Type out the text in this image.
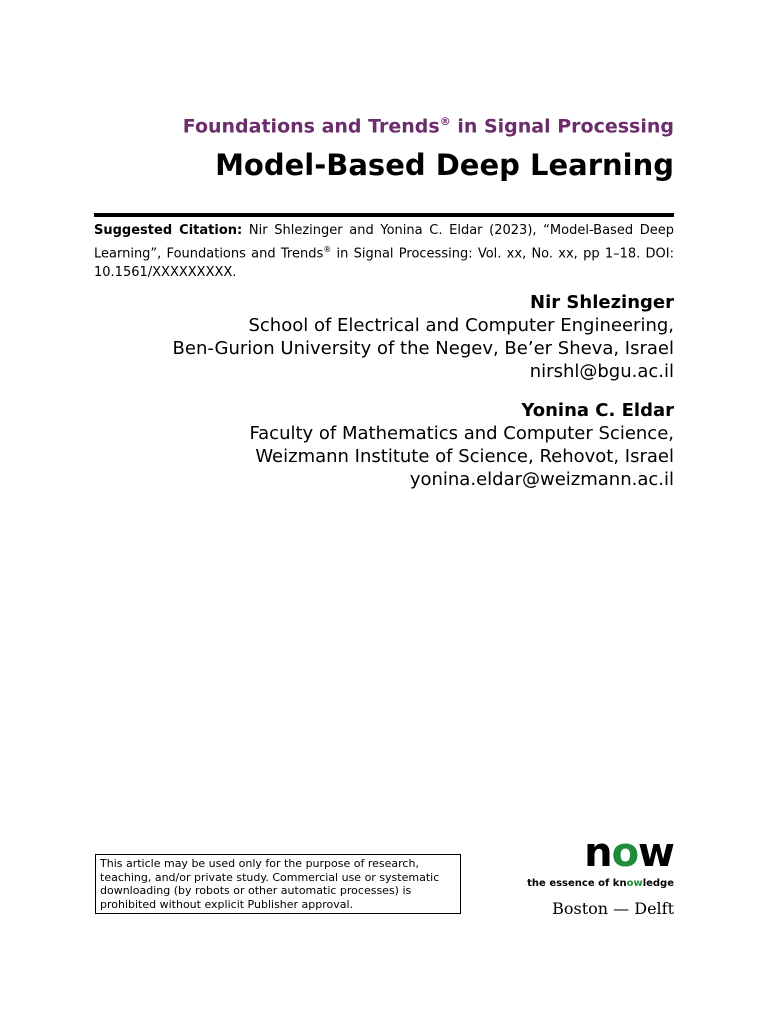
Foundations and Trends® in Signal Processing
Model-Based Deep Learning
Suggested Citation: Nir Shlezinger and Yonina C. Eldar (2023), “Model-Based Deep Learning”, Foundations and Trends® in Signal Processing: Vol. xx, No. xx, pp 1–18. DOI: 10.1561/XXXXXXXXX.
Nir Shlezinger
School of Electrical and Computer Engineering,
Ben-Gurion University of the Negev, Be’er Sheva, Israel
nirshl@bgu.ac.il
Yonina C. Eldar
Faculty of Mathematics and Computer Science,
Weizmann Institute of Science, Rehovot, Israel
yonina.eldar@weizmann.ac.il
This article may be used only for the purpose of research, teaching, and/or private study. Commercial use or systematic downloading (by robots or other automatic processes) is prohibited without explicit Publisher approval.
now
the essence of knowledge
Boston — Delft
